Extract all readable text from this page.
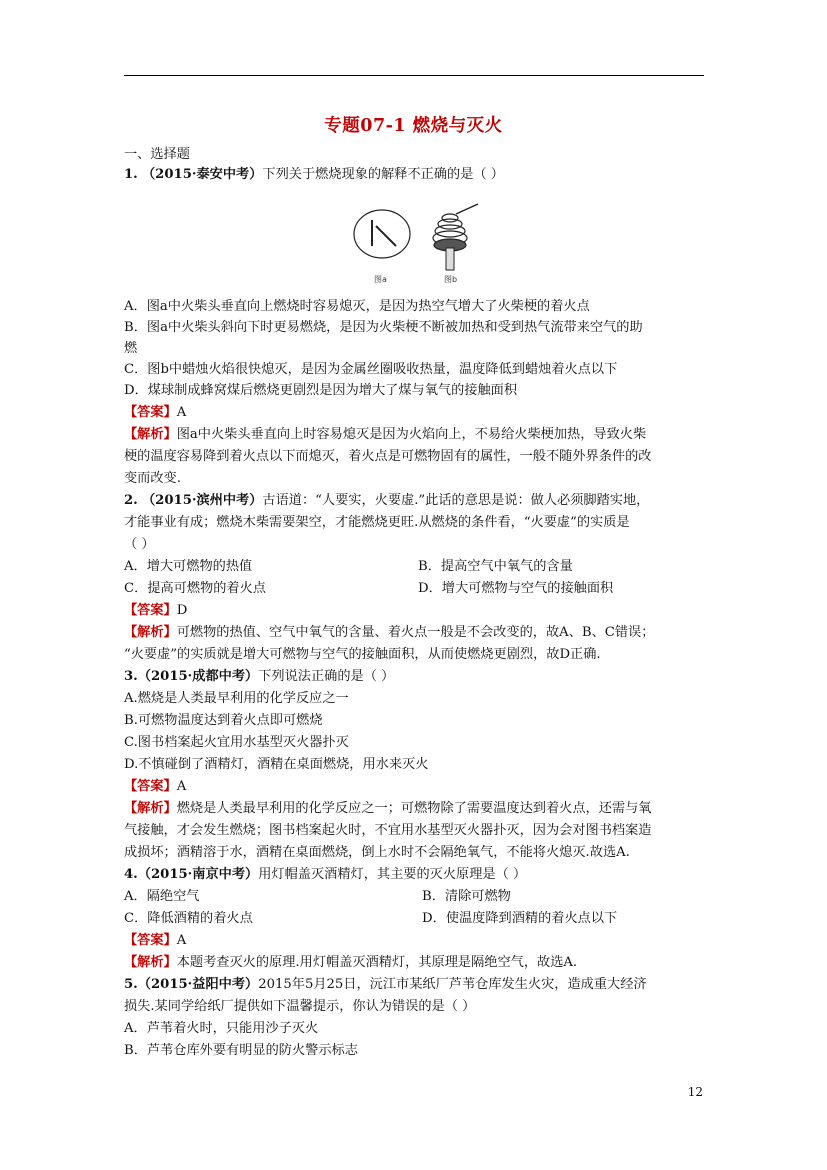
专题07-1 燃烧与灭火
一、选择题
1. （2015·泰安中考）下列关于燃烧现象的解释不正确的是（ ）
图a	图b
A．图a中火柴头垂直向上燃烧时容易熄灭，是因为热空气增大了火柴梗的着火点
B．图a中火柴头斜向下时更易燃烧，是因为火柴梗不断被加热和受到热气流带来空气的助
燃
C．图b中蜡烛火焰很快熄灭，是因为金属丝圈吸收热量，温度降低到蜡烛着火点以下
D．煤球制成蜂窝煤后燃烧更剧烈是因为增大了煤与氧气的接触面积
【答案】A
【解析】图a中火柴头垂直向上时容易熄灭是因为火焰向上，不易给火柴梗加热，导致火柴
梗的温度容易降到着火点以下而熄灭，着火点是可燃物固有的属性，一般不随外界条件的改
变而改变.
2. （2015·滨州中考）古语道：“人要实，火要虚.”此话的意思是说：做人必须脚踏实地，
才能事业有成；燃烧木柴需要架空，才能燃烧更旺.从燃烧的条件看，“火要虚”的实质是
（ ）
A．增大可燃物的热值	B．提高空气中氧气的含量
C．提高可燃物的着火点	D．增大可燃物与空气的接触面积
【答案】D
【解析】可燃物的热值、空气中氧气的含量、着火点一般是不会改变的，故A、B、C错误；
“火要虚”的实质就是增大可燃物与空气的接触面积，从而使燃烧更剧烈，故D正确.
3.（2015·成都中考）下列说法正确的是（ ）
A.燃烧是人类最早利用的化学反应之一
B.可燃物温度达到着火点即可燃烧
C.图书档案起火宜用水基型灭火器扑灭
D.不慎碰倒了酒精灯，酒精在桌面燃烧，用水来灭火
【答案】A
【解析】燃烧是人类最早利用的化学反应之一；可燃物除了需要温度达到着火点，还需与氧
气接触，才会发生燃烧；图书档案起火时，不宜用水基型灭火器扑灭，因为会对图书档案造
成损坏；酒精溶于水，酒精在桌面燃烧，倒上水时不会隔绝氧气，不能将火熄灭.故选A.
4.（2015·南京中考）用灯帽盖灭酒精灯，其主要的灭火原理是（ ）
A．隔绝空气	B．清除可燃物
C．降低酒精的着火点	D．使温度降到酒精的着火点以下
【答案】A
【解析】本题考查灭火的原理.用灯帽盖灭酒精灯，其原理是隔绝空气，故选A.
5.（2015·益阳中考）2015年5月25日，沅江市某纸厂芦苇仓库发生火灾，造成重大经济
损失.某同学给纸厂提供如下温馨提示，你认为错误的是（ ）
A．芦苇着火时，只能用沙子灭火
B．芦苇仓库外要有明显的防火警示标志
12
